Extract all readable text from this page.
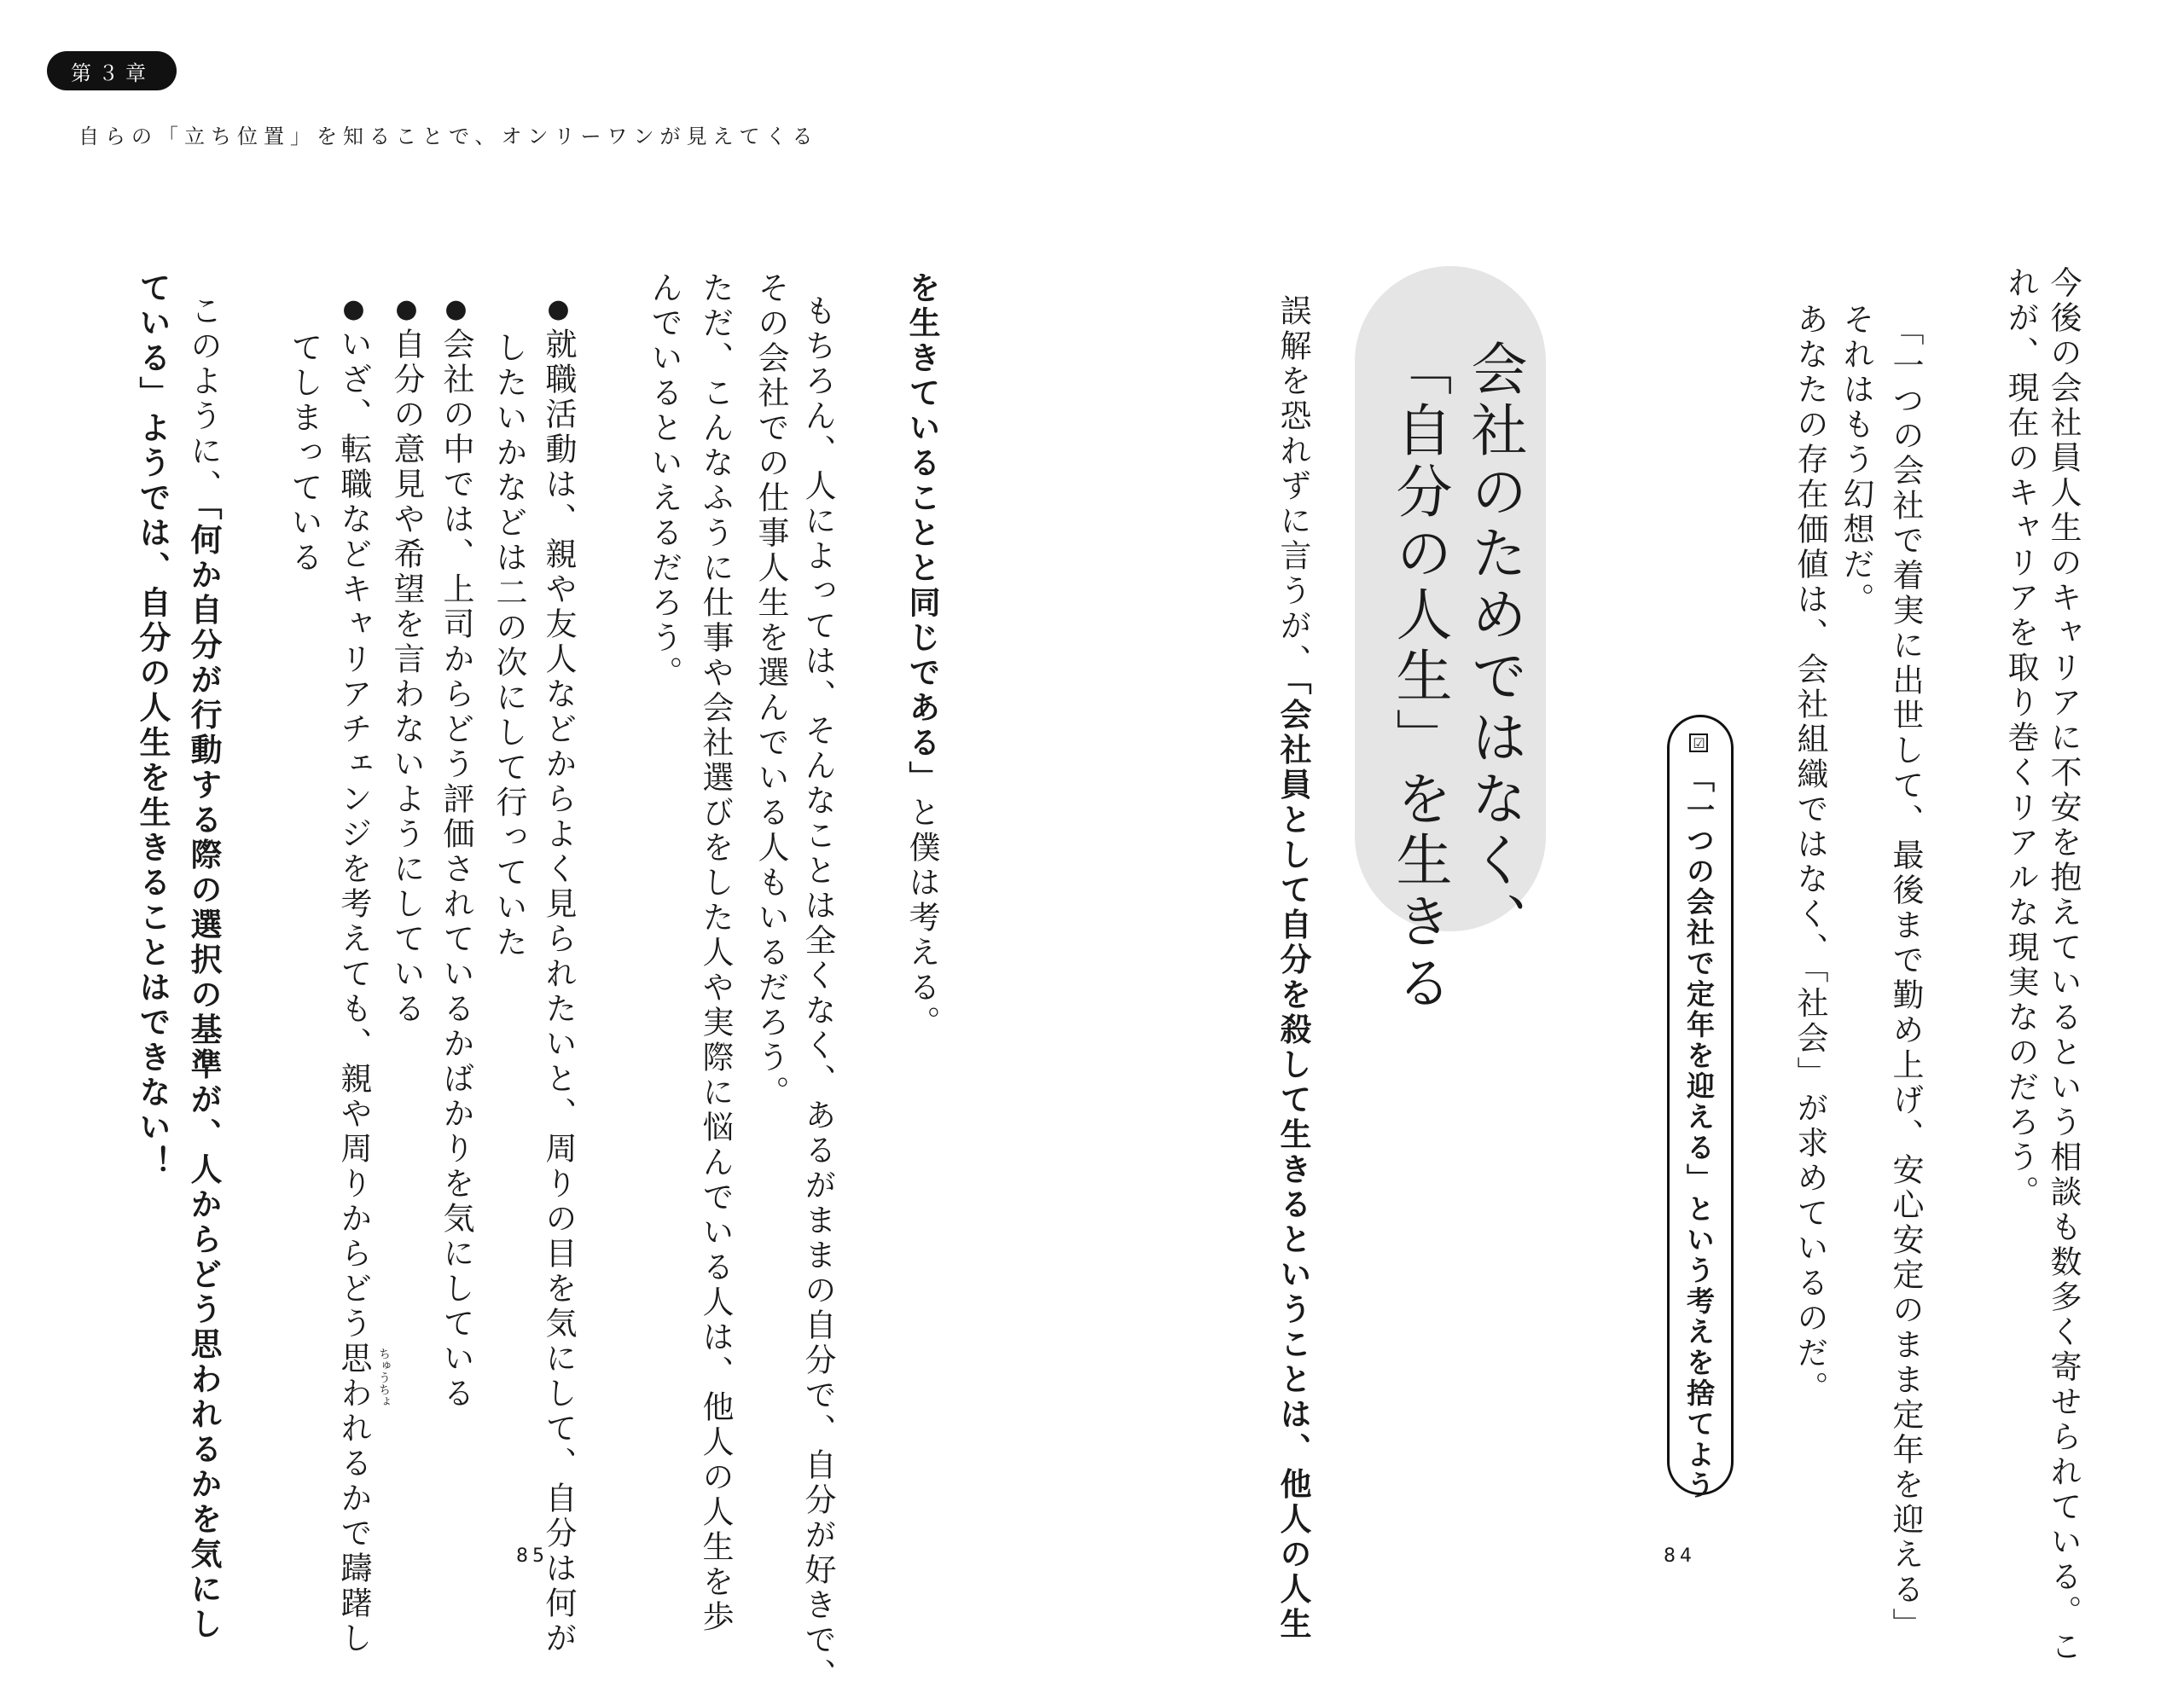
第３章
自らの「立ち位置」を知ることで、オンリーワンが見えてくる
今後の会社員人生のキャリアに不安を抱えているという相談も数多く寄せられている。こ
れが、現在のキャリアを取り巻くリアルな現実なのだろう。
「一つの会社で着実に出世して、最後まで勤め上げ、安心安定のまま定年を迎える」
それはもう幻想だ。
あなたの存在価値は、会社組織ではなく、「社会」が求めているのだ。
☑「一つの会社で定年を迎える」という考えを捨てよう
84
会社のためではなく、
「自分の人生」を生きる
誤解を恐れずに言うが、「会社員として自分を殺して生きるということは、他人の人生
を生きていることと同じである」と僕は考える。
もちろん、人によっては、そんなことは全くなく、あるがままの自分で、自分が好きで、
その会社での仕事人生を選んでいる人もいるだろう。
ただ、こんなふうに仕事や会社選びをした人や実際に悩んでいる人は、他人の人生を歩
んでいるといえるだろう。
●就職活動は、親や友人などからよく見られたいと、周りの目を気にして、自分は何が
したいかなどは二の次にして行っていた
●会社の中では、上司からどう評価されているかばかりを気にしている
●自分の意見や希望を言わないようにしている
●いざ、転職などキャリアチェンジを考えても、親や周りからどう思われるかで躊躇し ちゅうちょ
てしまっている
このように、「何か自分が行動する際の選択の基準が、人からどう思われるかを気にし
ている」ようでは、自分の人生を生きることはできない！
85
